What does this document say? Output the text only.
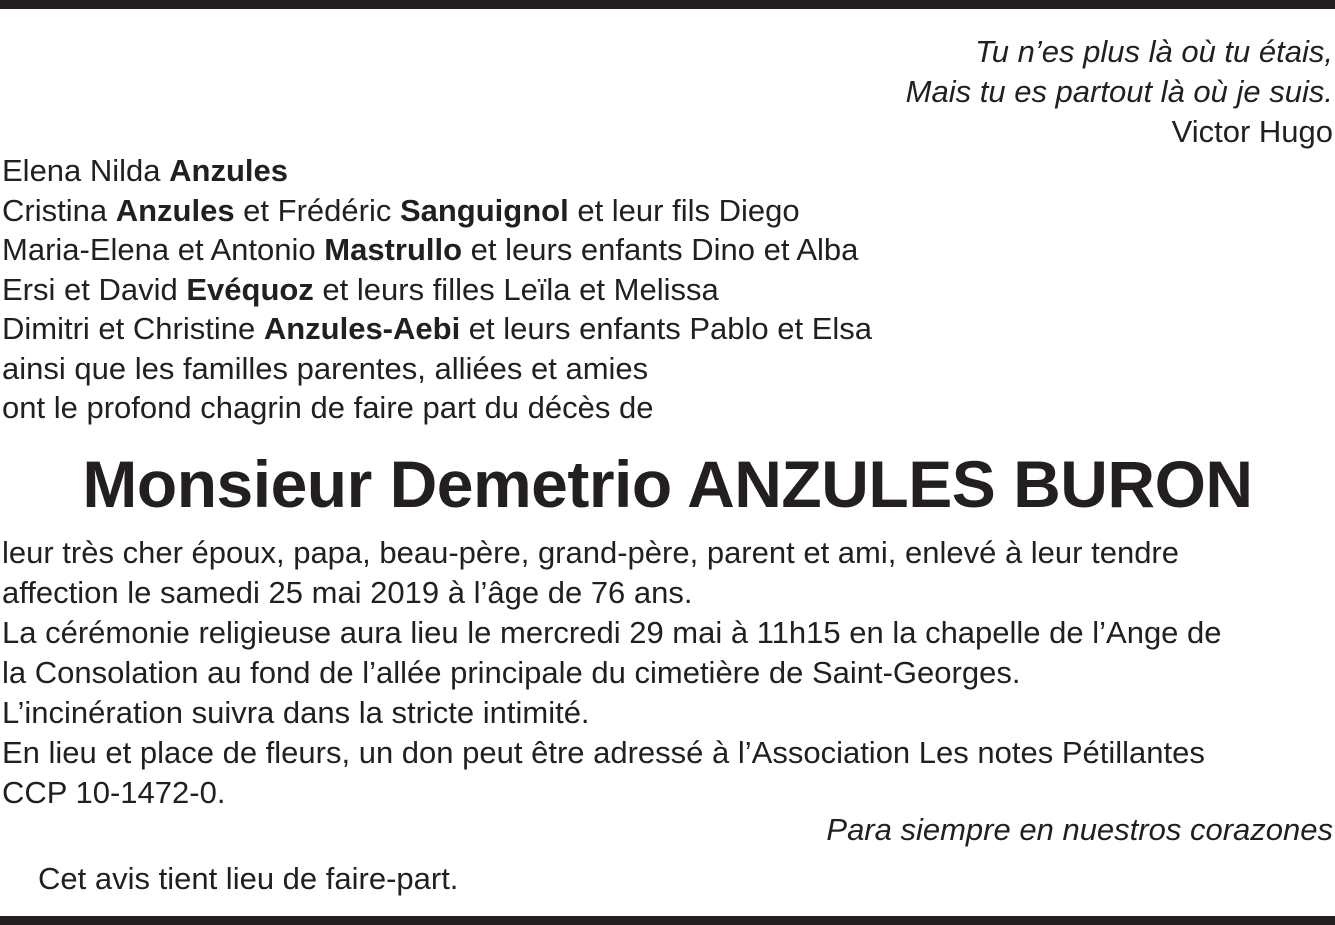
Tu n’es plus là où tu étais,
Mais tu es partout là où je suis.
Victor Hugo
Elena Nilda Anzules
Cristina Anzules et Frédéric Sanguignol et leur fils Diego
Maria-Elena et Antonio Mastrullo et leurs enfants Dino et Alba
Ersi et David Evéquoz et leurs filles Leïla et Melissa
Dimitri et Christine Anzules-Aebi et leurs enfants Pablo et Elsa
ainsi que les familles parentes, alliées et amies
ont le profond chagrin de faire part du décès de
Monsieur Demetrio ANZULES BURON
leur très cher époux, papa, beau-père, grand-père, parent et ami, enlevé à leur tendre
affection le samedi 25 mai 2019 à l’âge de 76 ans.
La cérémonie religieuse aura lieu le mercredi 29 mai à 11h15 en la chapelle de l’Ange de
la Consolation au fond de l’allée principale du cimetière de Saint-Georges.
L’incinération suivra dans la stricte intimité.
En lieu et place de fleurs, un don peut être adressé à l’Association Les notes Pétillantes
CCP 10-1472-0.
Para siempre en nuestros corazones
Cet avis tient lieu de faire-part.
